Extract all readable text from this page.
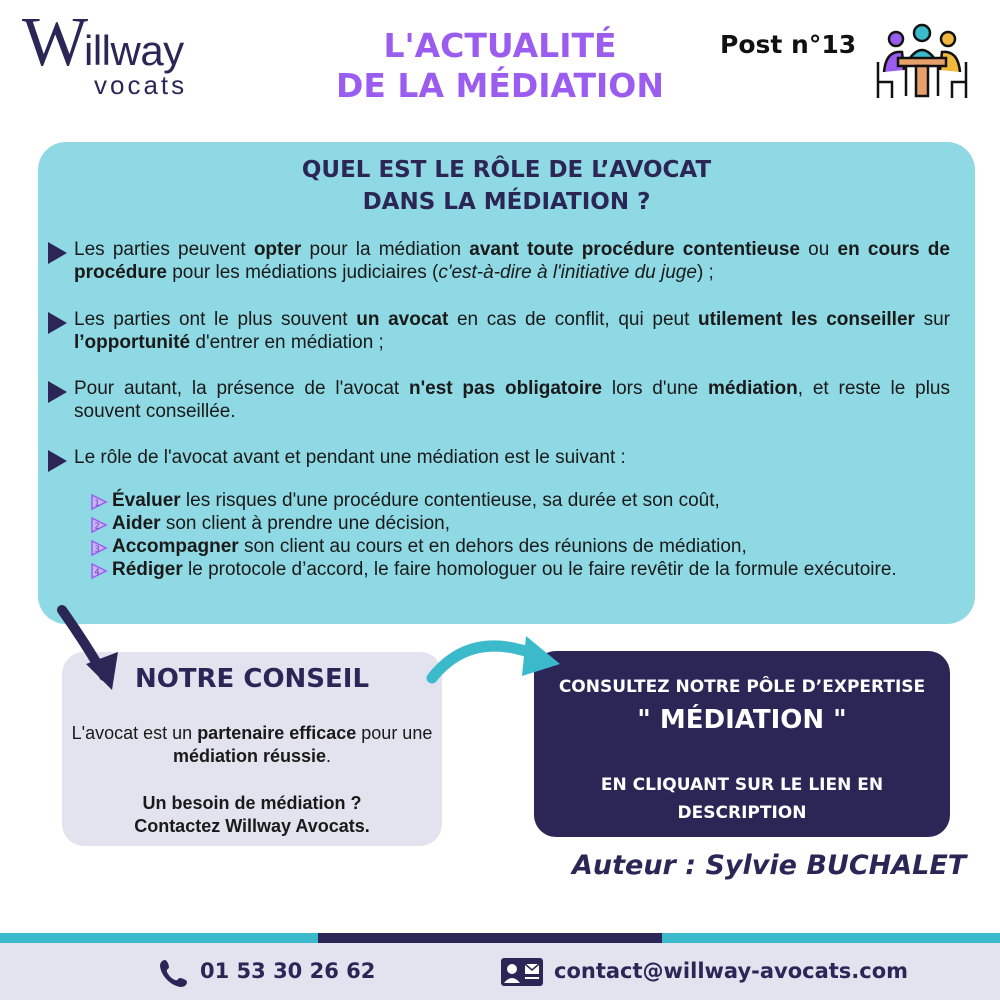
W
illway
vocats
L'ACTUALITÉ
DE LA MÉDIATION
Post n°13
QUEL EST LE RÔLE DE L’AVOCAT
DANS LA MÉDIATION ?
Les parties peuvent opter pour la médiation avant toute procédure contentieuse ou en cours de procédure pour les médiations judiciaires (c'est-à-dire à l'initiative du juge) ;
Les parties ont le plus souvent un avocat en cas de conflit, qui peut utilement les conseiller sur l’opportunité d'entrer en médiation ;
Pour autant, la présence de l'avocat n'est pas obligatoire lors d'une médiation, et reste le plus souvent conseillée.
Le rôle de l'avocat avant et pendant une médiation est le suivant :
1 Évaluer les risques d'une procédure contentieuse, sa durée et son coût,
2 Aider son client à prendre une décision,
3 Accompagner son client au cours et en dehors des réunions de médiation,
4 Rédiger le protocole d’accord, le faire homologuer ou le faire revêtir de la formule exécutoire.
NOTRE CONSEIL
L'avocat est un partenaire efficace pour une médiation réussie.
Un besoin de médiation ?
Contactez Willway Avocats.
CONSULTEZ NOTRE PÔLE D’EXPERTISE
" MÉDIATION "
EN CLIQUANT SUR LE LIEN EN DESCRIPTION
Auteur : Sylvie BUCHALET
01 53 30 26 62	contact@willway-avocats.com
